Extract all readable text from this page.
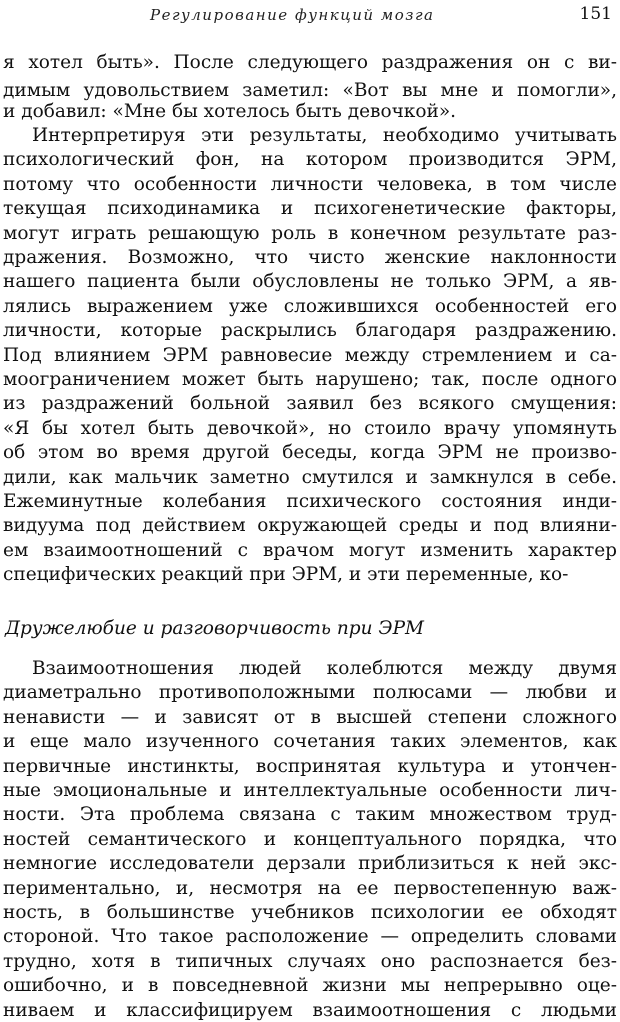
Регулирование функций мозга	151
я хотел быть». После следующего раздражения он с ви-
димым удовольствием заметил: «Вот вы мне и помогли»,
и добавил: «Мне бы хотелось быть девочкой».
Интерпретируя эти результаты, необходимо учитывать
психологический фон, на котором производится ЭРМ,
потому что особенности личности человека, в том числе
текущая психодинамика и психогенетические факторы,
могут играть решающую роль в конечном результате раз-
дражения. Возможно, что чисто женские наклонности
нашего пациента были обусловлены не только ЭРМ, а яв-
лялись выражением уже сложившихся особенностей его
личности, которые раскрылись благодаря раздражению.
Под влиянием ЭРМ равновесие между стремлением и са-
моограничением может быть нарушено; так, после одного
из раздражений больной заявил без всякого смущения:
«Я бы хотел быть девочкой», но стоило врачу упомянуть
об этом во время другой беседы, когда ЭРМ не произво-
дили, как мальчик заметно смутился и замкнулся в себе.
Ежеминутные колебания психического состояния инди-
видуума под действием окружающей среды и под влияни-
ем взаимоотношений с врачом могут изменить характер
специфических реакций при ЭРМ, и эти переменные, ко-
Дружелюбие и разговорчивость при ЭРМ
Взаимоотношения людей колеблются между двумя
диаметрально противоположными полюсами — любви и
ненависти — и зависят от в высшей степени сложного
и еще мало изученного сочетания таких элементов, как
первичные инстинкты, воспринятая культура и утончен-
ные эмоциональные и интеллектуальные особенности лич-
ности. Эта проблема связана с таким множеством труд-
ностей семантического и концептуального порядка, что
немногие исследователи дерзали приблизиться к ней экс-
периментально, и, несмотря на ее первостепенную важ-
ность, в большинстве учебников психологии ее обходят
стороной. Что такое расположение — определить словами
трудно, хотя в типичных случаях оно распознается без-
ошибочно, и в повседневной жизни мы непрерывно оце-
ниваем и классифицируем взаимоотношения с людьми
